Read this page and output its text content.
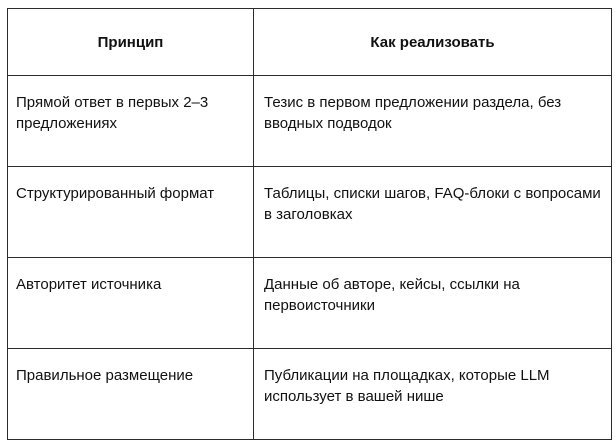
Принцип	Как реализовать

Прямой ответ в первых 2–3 предложениях	Тезис в первом предложении раздела, без вводных подводок

Структурированный формат	Таблицы, списки шагов, FAQ-блоки с вопросами в заголовках

Авторитет источника	Данные об авторе, кейсы, ссылки на первоисточники

Правильное размещение	Публикации на площадках, которые LLM использует в вашей нише
